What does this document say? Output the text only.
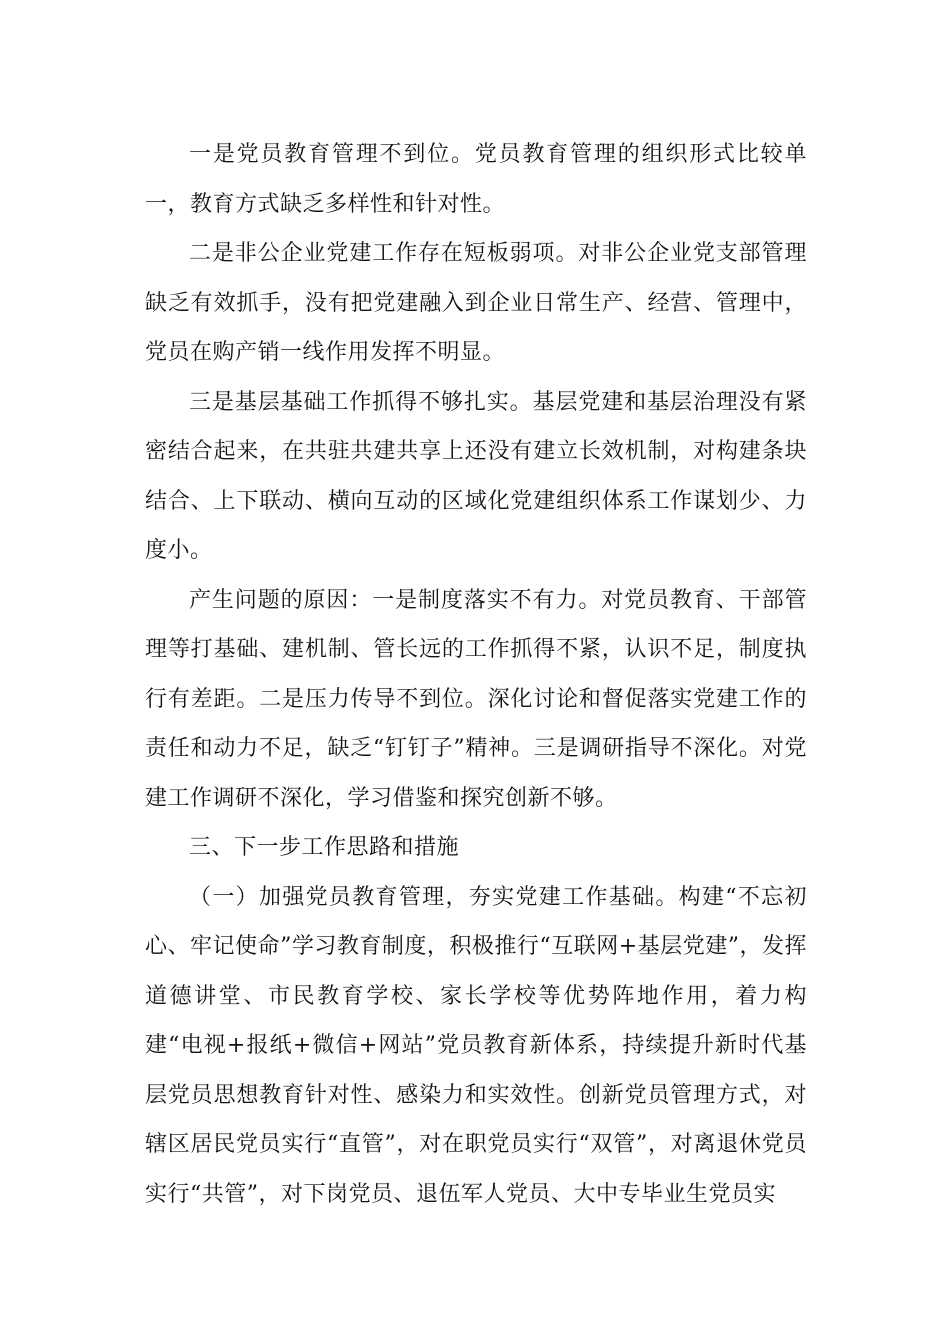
一是党员教育管理不到位。党员教育管理的组织形式比较单一，教育方式缺乏多样性和针对性。

二是非公企业党建工作存在短板弱项。对非公企业党支部管理缺乏有效抓手，没有把党建融入到企业日常生产、经营、管理中，党员在购产销一线作用发挥不明显。

三是基层基础工作抓得不够扎实。基层党建和基层治理没有紧密结合起来，在共驻共建共享上还没有建立长效机制，对构建条块结合、上下联动、横向互动的区域化党建组织体系工作谋划少、力度小。

产生问题的原因：一是制度落实不有力。对党员教育、干部管理等打基础、建机制、管长远的工作抓得不紧，认识不足，制度执行有差距。二是压力传导不到位。深化讨论和督促落实党建工作的责任和动力不足，缺乏“钉钉子”精神。三是调研指导不深化。对党建工作调研不深化，学习借鉴和探究创新不够。

三、下一步工作思路和措施

（一）加强党员教育管理，夯实党建工作基础。构建“不忘初心、牢记使命”学习教育制度，积极推行“互联网+基层党建”，发挥道德讲堂、市民教育学校、家长学校等优势阵地作用，着力构建“电视+报纸+微信+网站”党员教育新体系，持续提升新时代基层党员思想教育针对性、感染力和实效性。创新党员管理方式，对辖区居民党员实行“直管”，对在职党员实行“双管”，对离退休党员实行“共管”，对下岗党员、退伍军人党员、大中专毕业生党员实
